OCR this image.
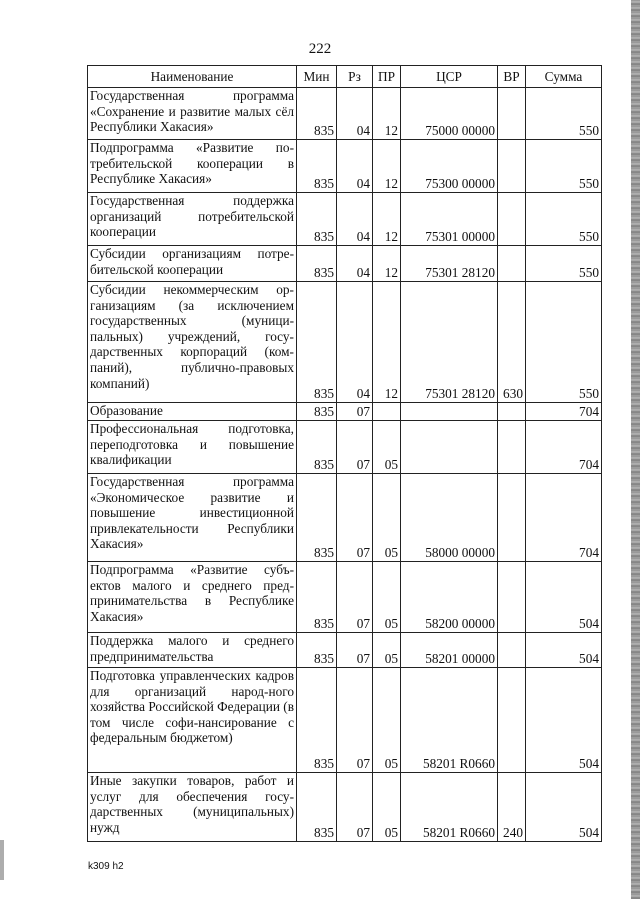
222
Наименование	Мин	Рз	ПР	ЦСР	ВР	Сумма
Государственная программа «Сохранение и развитие малых сёл Республики Хакасия»	835	04	12	75000 00000		550
Подпрограмма «Развитие по-требительской кооперации в Республике Хакасия»	835	04	12	75300 00000		550
Государственная поддержка организаций потребительской кооперации	835	04	12	75301 00000		550
Субсидии организациям потре-бительской кооперации	835	04	12	75301 28120		550
Субсидии некоммерческим ор-ганизациям (за исключением государственных (муници-пальных) учреждений, госу-дарственных корпораций (ком-паний), публично-правовых компаний)	835	04	12	75301 28120	630	550
Образование	835	07				704
Профессиональная подготовка, переподготовка и повышение квалификации	835	07	05			704
Государственная программа «Экономическое развитие и повышение инвестиционной привлекательности Республики Хакасия»	835	07	05	58000 00000		704
Подпрограмма «Развитие субъ-ектов малого и среднего пред-принимательства в Республике Хакасия»	835	07	05	58200 00000		504
Поддержка малого и среднего предпринимательства	835	07	05	58201 00000		504
Подготовка управленческих кадров для организаций народ-ного хозяйства Российской Федерации (в том числе софи-нансирование с федеральным бюджетом)	835	07	05	58201 R0660		504
Иные закупки товаров, работ и услуг для обеспечения госу-дарственных (муниципальных) нужд	835	07	05	58201 R0660	240	504
k309 h2
